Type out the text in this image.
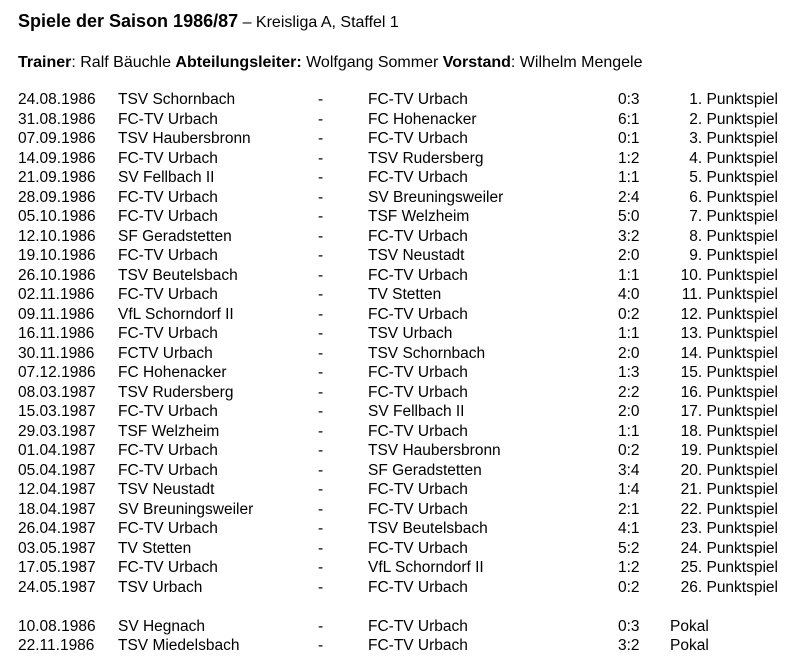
Spiele der Saison 1986/87 – Kreisliga A, Staffel 1
Trainer: Ralf Bäuchle Abteilungsleiter: Wolfgang Sommer Vorstand: Wilhelm Mengele
24.08.1986 TSV Schornbach	-	FC-TV Urbach	0:3	1. Punktspiel
31.08.1986 FC-TV Urbach	-	FC Hohenacker	6:1	2. Punktspiel
07.09.1986 TSV Haubersbronn	-	FC-TV Urbach	0:1	3. Punktspiel
14.09.1986 FC-TV Urbach	-	TSV Rudersberg	1:2	4. Punktspiel
21.09.1986 SV Fellbach II	-	FC-TV Urbach	1:1	5. Punktspiel
28.09.1986 FC-TV Urbach	-	SV Breuningsweiler	2:4	6. Punktspiel
05.10.1986 FC-TV Urbach	-	TSF Welzheim	5:0	7. Punktspiel
12.10.1986 SF Geradstetten	-	FC-TV Urbach	3:2	8. Punktspiel
19.10.1986 FC-TV Urbach	-	TSV Neustadt	2:0	9. Punktspiel
26.10.1986 TSV Beutelsbach	-	FC-TV Urbach	1:1	10. Punktspiel
02.11.1986 FC-TV Urbach	-	TV Stetten	4:0	11. Punktspiel
09.11.1986 VfL Schorndorf II	-	FC-TV Urbach	0:2	12. Punktspiel
16.11.1986 FC-TV Urbach	-	TSV Urbach	1:1	13. Punktspiel
30.11.1986 FCTV Urbach	-	TSV Schornbach	2:0	14. Punktspiel
07.12.1986 FC Hohenacker	-	FC-TV Urbach	1:3	15. Punktspiel
08.03.1987 TSV Rudersberg	-	FC-TV Urbach	2:2	16. Punktspiel
15.03.1987 FC-TV Urbach	-	SV Fellbach II	2:0	17. Punktspiel
29.03.1987 TSF Welzheim	-	FC-TV Urbach	1:1	18. Punktspiel
01.04.1987 FC-TV Urbach	-	TSV Haubersbronn	0:2	19. Punktspiel
05.04.1987 FC-TV Urbach	-	SF Geradstetten	3:4	20. Punktspiel
12.04.1987 TSV Neustadt	-	FC-TV Urbach	1:4	21. Punktspiel
18.04.1987 SV Breuningsweiler	-	FC-TV Urbach	2:1	22. Punktspiel
26.04.1987 FC-TV Urbach	-	TSV Beutelsbach	4:1	23. Punktspiel
03.05.1987 TV Stetten	-	FC-TV Urbach	5:2	24. Punktspiel
17.05.1987 FC-TV Urbach	-	VfL Schorndorf II	1:2	25. Punktspiel
24.05.1987 TSV Urbach	-	FC-TV Urbach	0:2	26. Punktspiel
10.08.1986 SV Hegnach	-	FC-TV Urbach	0:3 Pokal
22.11.1986 TSV Miedelsbach	-	FC-TV Urbach	3:2 Pokal
